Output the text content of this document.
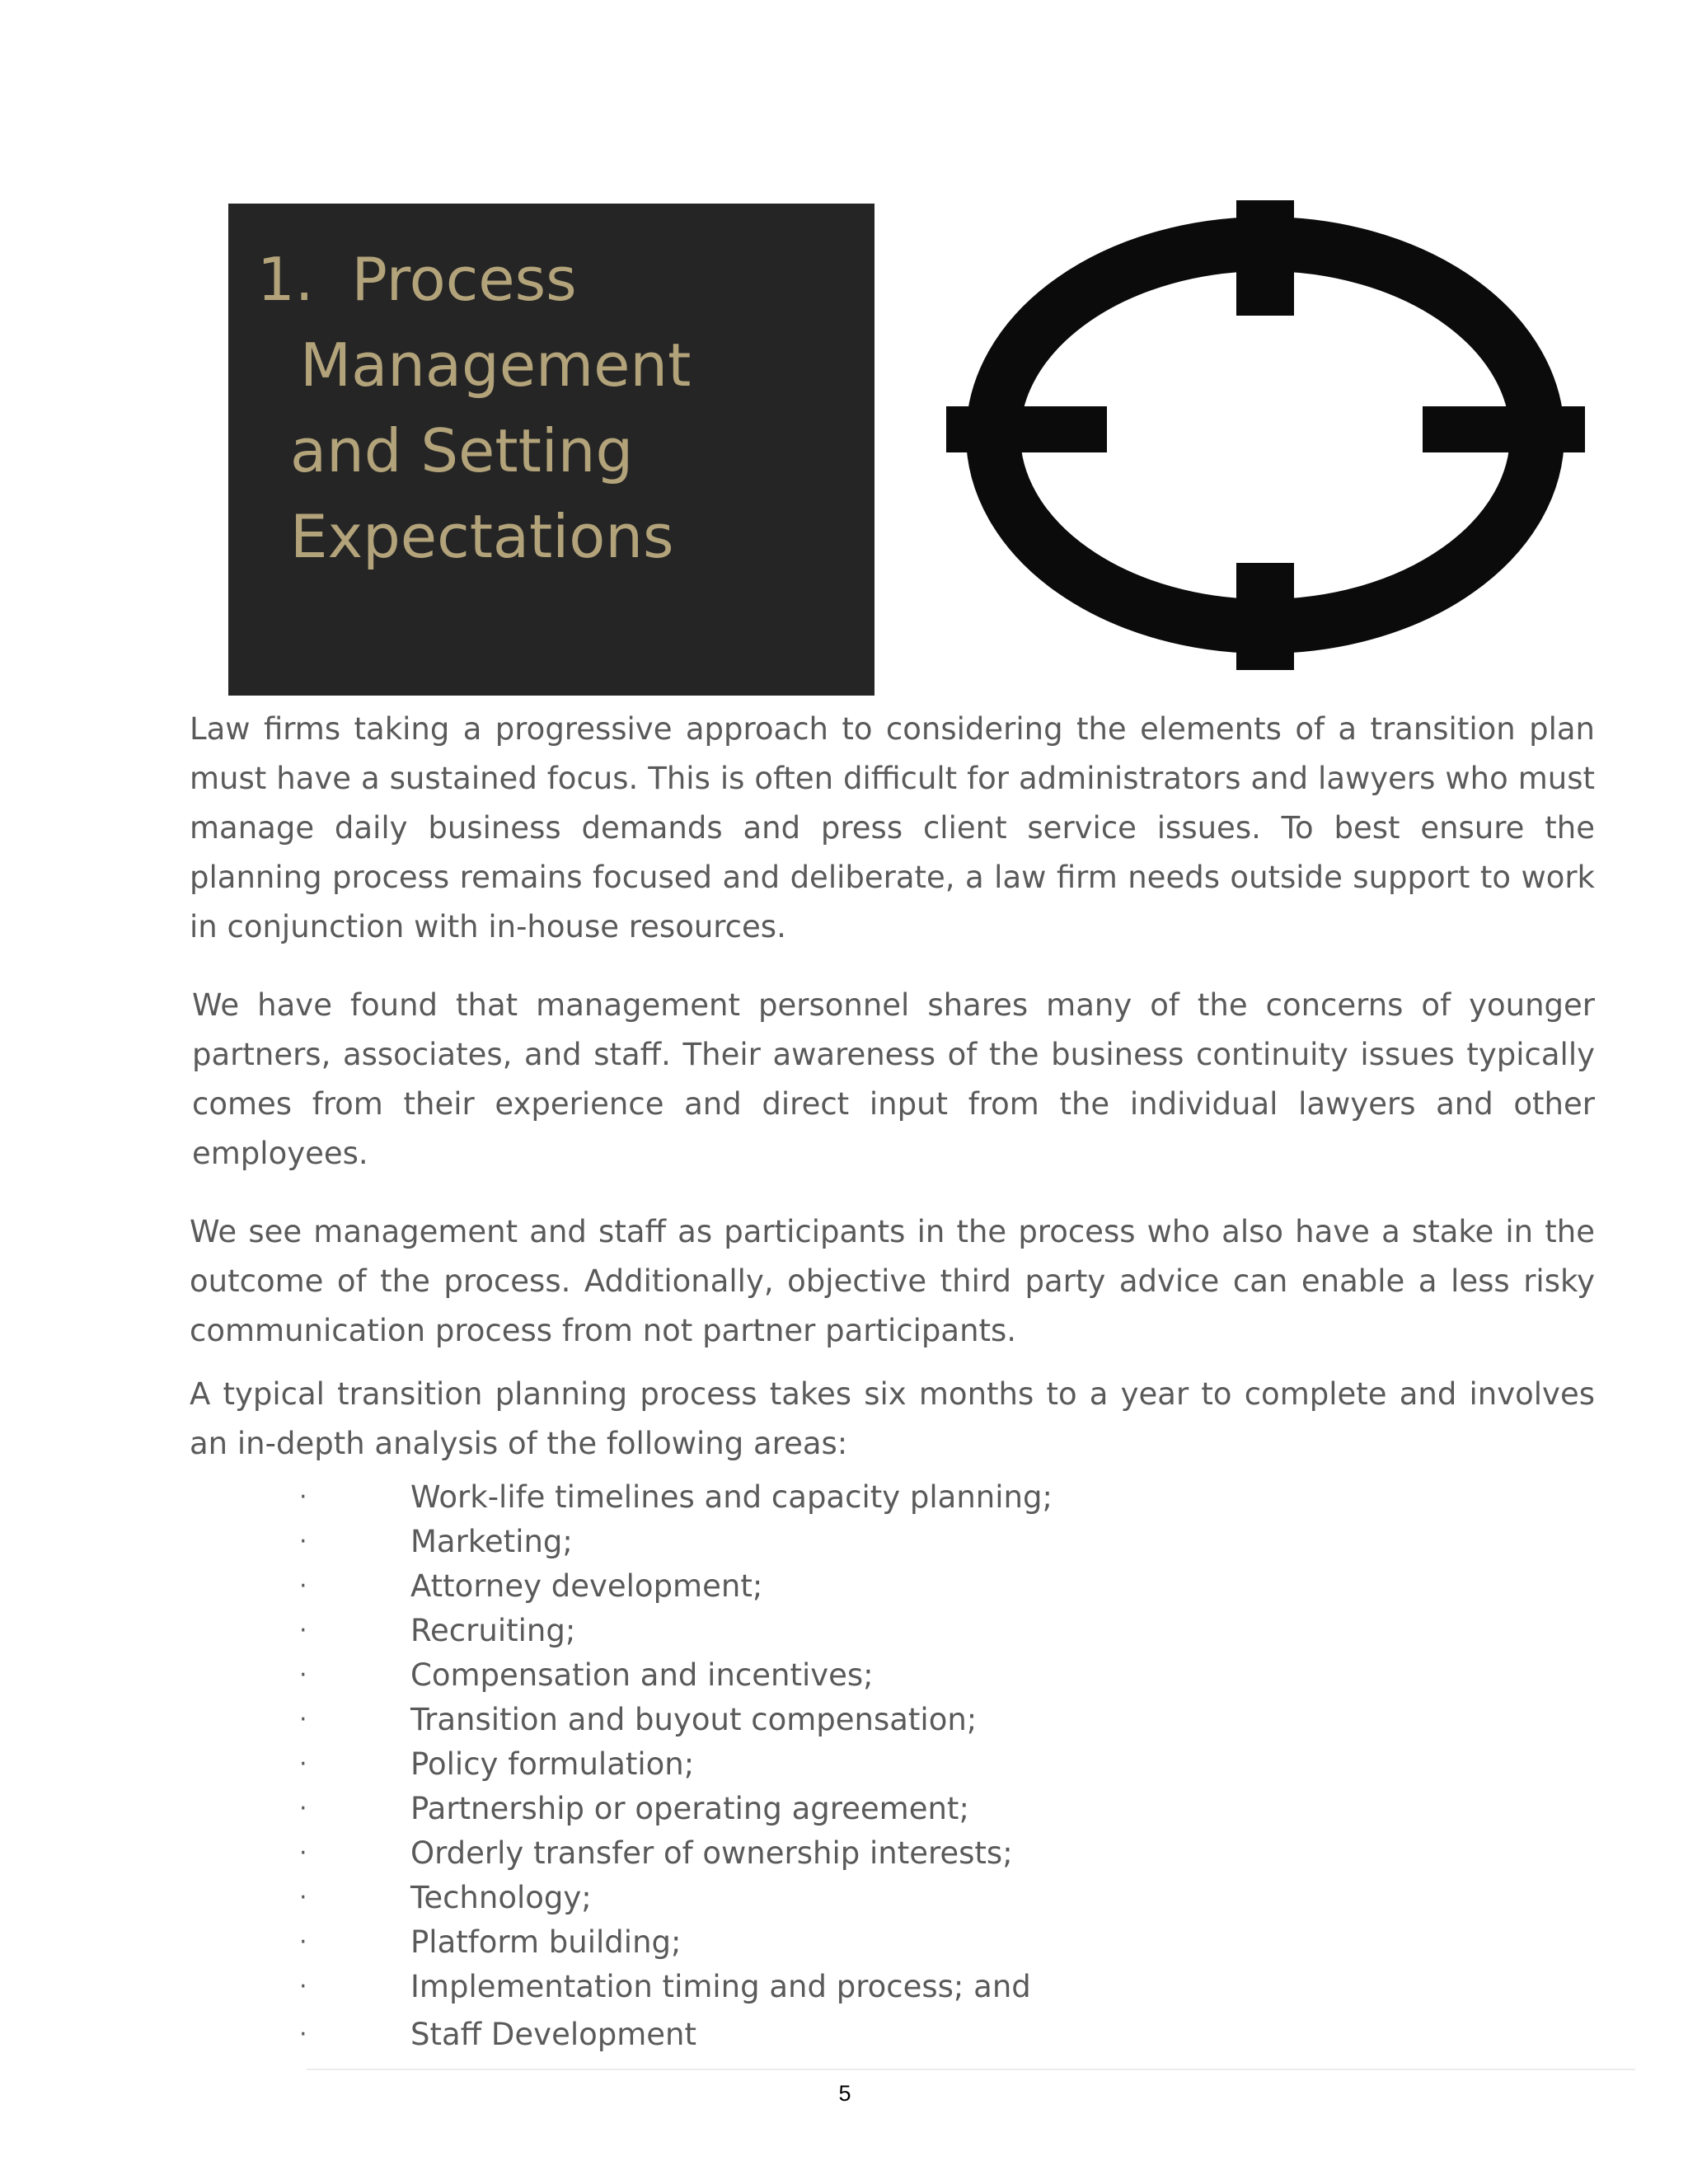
1. Process
Management
and Setting
Expectations

Law firms taking a progressive approach to considering the elements of a transition plan must have a sustained focus. This is often difficult for administrators and lawyers who must manage daily business demands and press client service issues. To best ensure the planning process remains focused and deliberate, a law firm needs outside support to work in conjunction with in-house resources.

We have found that management personnel shares many of the concerns of younger partners, associates, and staff. Their awareness of the business continuity issues typically comes from their experience and direct input from the individual lawyers and other employees.

We see management and staff as participants in the process who also have a stake in the outcome of the process. Additionally, objective third party advice can enable a less risky communication process from not partner participants.

A typical transition planning process takes six months to a year to complete and involves an in-depth analysis of the following areas:

·	Work-life timelines and capacity planning;
·	Marketing;
·	Attorney development;
·	Recruiting;
·	Compensation and incentives;
·	Transition and buyout compensation;
·	Policy formulation;
·	Partnership or operating agreement;
·	Orderly transfer of ownership interests;
·	Technology;
·	Platform building;
·	Implementation timing and process; and
·	Staff Development
5
